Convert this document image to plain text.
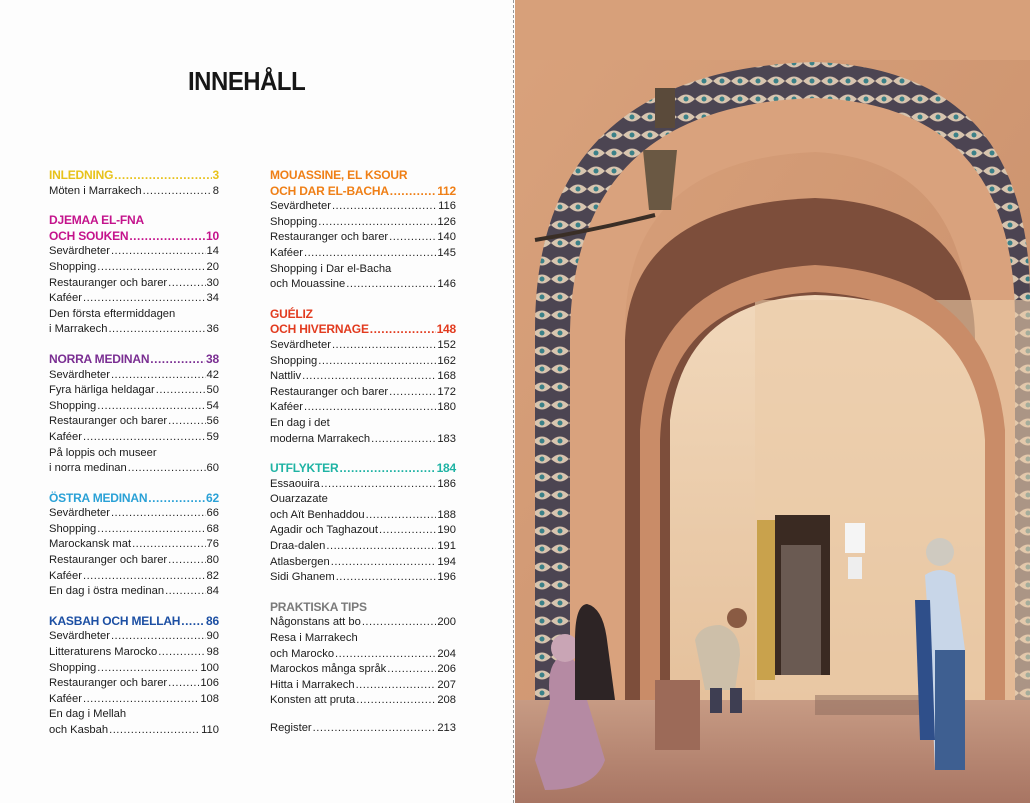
INNEHÅLL
INLEDNING .....	3
Möten i Marrakech .....	8
DJEMAA EL-FNA
OCH SOUKEN .....	10
Sevärdheter .....	14
Shopping .....	20
Restauranger och barer .....	30
Kaféer .....	34
Den första eftermiddagen
i Marrakech .....	36
NORRA MEDINAN .....	38
Sevärdheter .....	42
Fyra härliga heldagar .....	50
Shopping .....	54
Restauranger och barer .....	56
Kaféer .....	59
På loppis och museer
i norra medinan .....	60
ÖSTRA MEDINAN .....	62
Sevärdheter .....	66
Shopping .....	68
Marockansk mat .....	76
Restauranger och barer .....	80
Kaféer .....	82
En dag i östra medinan .....	84
KASBAH OCH MELLAH ..... 86
Sevärdheter .....	90
Litteraturens Marocko .....	98
Shopping .....	100
Restauranger och barer .....	106
Kaféer .....	108
En dag i Mellah
och Kasbah .....	110
MOUASSINE, EL KSOUR
OCH DAR EL-BACHA .....	112
Sevärdheter .....	116
Shopping .....	126
Restauranger och barer .....	140
Kaféer .....	145
Shopping i Dar el-Bacha
och Mouassine .....	146
GUÉLIZ
OCH HIVERNAGE .....	148
Sevärdheter .....	152
Shopping .....	162
Nattliv .....	168
Restauranger och barer .....	172
Kaféer .....	180
En dag i det
moderna Marrakech .....	183
UTFLYKTER .....	184
Essaouira .....	186
Ouarzazate
och Aït Benhaddou .....	188
Agadir och Taghazout .....	190
Draa-dalen .....	191
Atlasbergen .....	194
Sidi Ghanem .....	196
PRAKTISKA TIPS
Någonstans att bo .....	200
Resa i Marrakech
och Marocko .....	204
Marockos många språk .....	206
Hitta i Marrakech .....	207
Konsten att pruta .....	208
Register .....	213
